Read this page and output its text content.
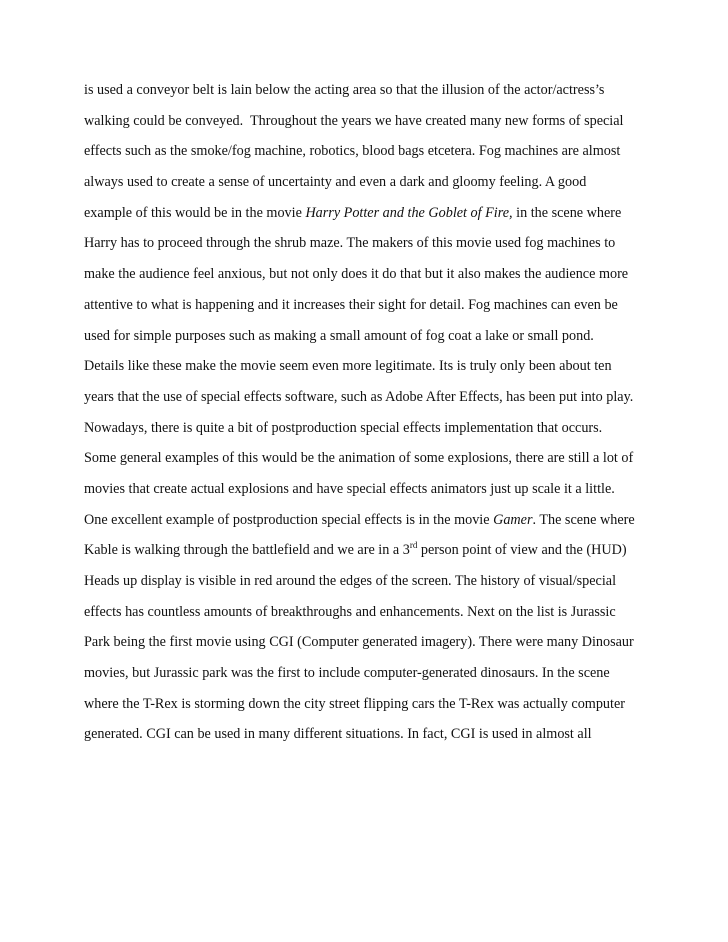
is used a conveyor belt is lain below the acting area so that the illusion of the actor/actress’s
walking could be conveyed.  Throughout the years we have created many new forms of special
effects such as the smoke/fog machine, robotics, blood bags etcetera. Fog machines are almost
always used to create a sense of uncertainty and even a dark and gloomy feeling. A good
example of this would be in the movie Harry Potter and the Goblet of Fire, in the scene where
Harry has to proceed through the shrub maze. The makers of this movie used fog machines to
make the audience feel anxious, but not only does it do that but it also makes the audience more
attentive to what is happening and it increases their sight for detail. Fog machines can even be
used for simple purposes such as making a small amount of fog coat a lake or small pond.
Details like these make the movie seem even more legitimate. Its is truly only been about ten
years that the use of special effects software, such as Adobe After Effects, has been put into play.
Nowadays, there is quite a bit of postproduction special effects implementation that occurs.
Some general examples of this would be the animation of some explosions, there are still a lot of
movies that create actual explosions and have special effects animators just up scale it a little.
One excellent example of postproduction special effects is in the movie Gamer. The scene where
Kable is walking through the battlefield and we are in a 3rd person point of view and the (HUD)
Heads up display is visible in red around the edges of the screen. The history of visual/special
effects has countless amounts of breakthroughs and enhancements. Next on the list is Jurassic
Park being the first movie using CGI (Computer generated imagery). There were many Dinosaur
movies, but Jurassic park was the first to include computer-generated dinosaurs. In the scene
where the T-Rex is storming down the city street flipping cars the T-Rex was actually computer
generated. CGI can be used in many different situations. In fact, CGI is used in almost all
